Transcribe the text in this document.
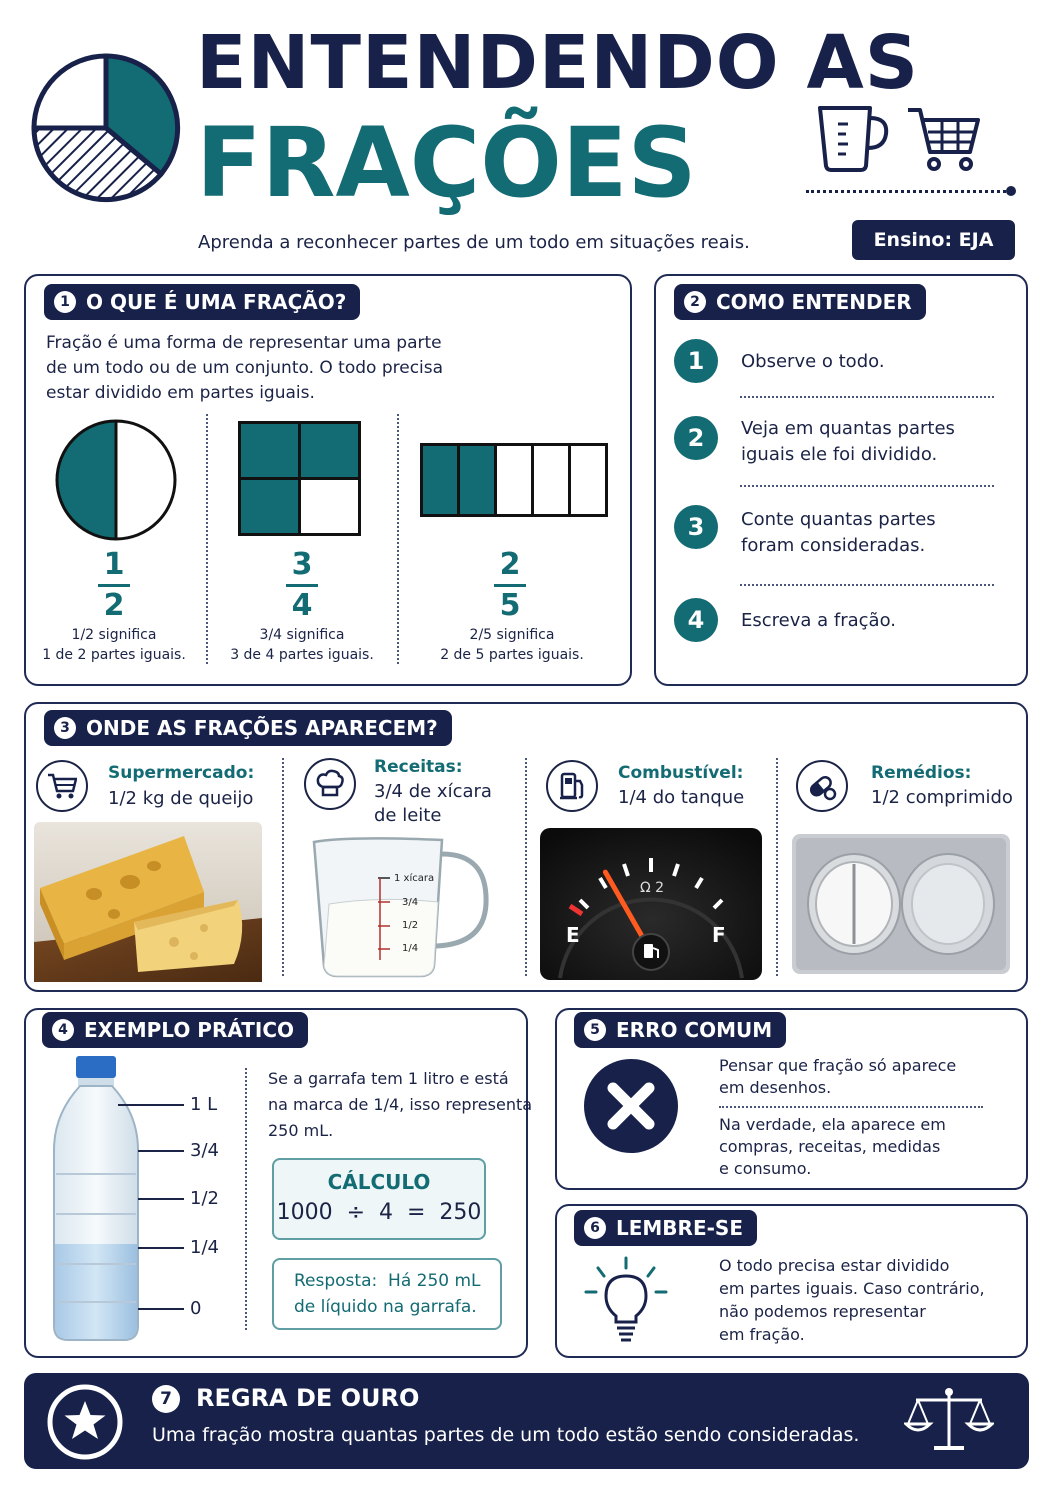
ENTENDENDO AS
FRAÇÕES
Aprenda a reconhecer partes de um todo em situações reais.	Ensino: EJA
1 O QUE É UMA FRAÇÃO?
Fração é uma forma de representar uma parte
de um todo ou de um conjunto. O todo precisa
estar dividido em partes iguais.
1
2
1/2 significa
1 de 2 partes iguais.
3
4
3/4 significa
3 de 4 partes iguais.
2
5
2/5 significa
2 de 5 partes iguais.
2 COMO ENTENDER
1	Observe o todo.
2	Veja em quantas partes
iguais ele foi dividido.
3	Conte quantas partes
foram consideradas.
4	Escreva a fração.
3 ONDE AS FRAÇÕES APARECEM?
Supermercado:
1/2 kg de queijo
Receitas:
3/4 de xícara
de leite
1 xícara
3/4
1/2
1/4
Combustível:
1/4 do tanque
Ω 2
E	F
Remédios:
1/2 comprimido
4 EXEMPLO PRÁTICO
1 L
3/4
1/2
1/4
0
Se a garrafa tem 1 litro e está
na marca de 1/4, isso representa
250 mL.
CÁLCULO
1000  ÷  4  =  250
Resposta:  Há 250 mL
de líquido na garrafa.
5 ERRO COMUM
Pensar que fração só aparece
em desenhos.
Na verdade, ela aparece em
compras, receitas, medidas
e consumo.
6 LEMBRE-SE
O todo precisa estar dividido
em partes iguais. Caso contrário,
não podemos representar
em fração.
7	REGRA DE OURO
Uma fração mostra quantas partes de um todo estão sendo consideradas.
